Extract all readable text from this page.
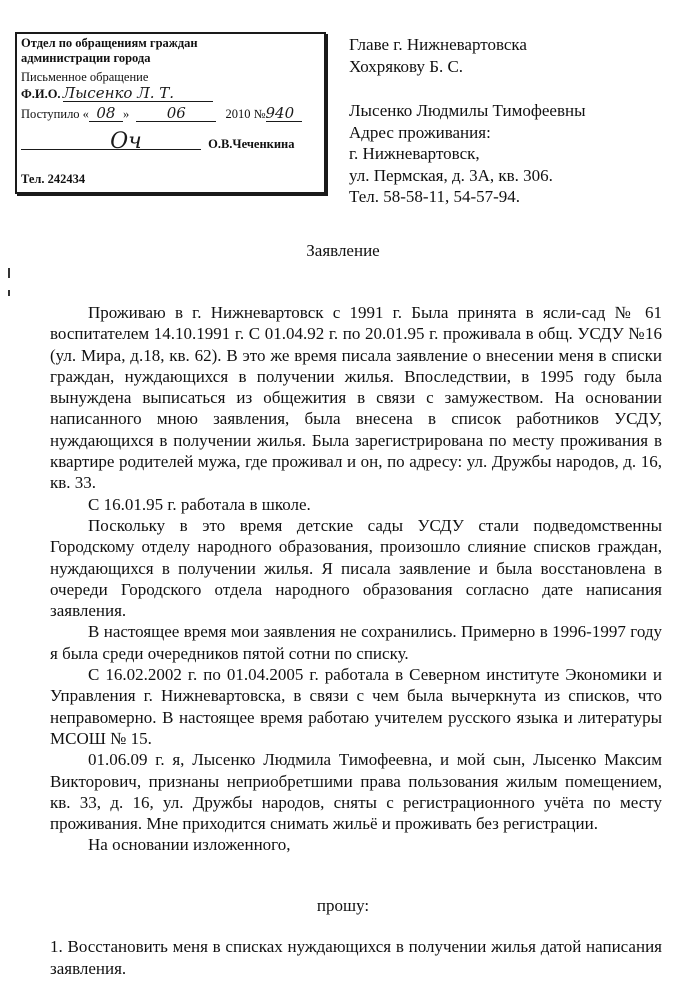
Отдел по обращениям граждан
администрации города
Письменное обращение
Ф.И.О. Лысенко Л. Т.
Поступило « 08 »	06	2010 №940
Оч	О.В.Чеченкина
Тел. 242434
Главе г. Нижневартовска
Хохрякову Б. С.
Лысенко Людмилы Тимофеевны
Адрес проживания:
г. Нижневартовск,
ул. Пермская, д. 3А, кв. 306.
Тел. 58-58-11, 54-57-94.
Заявление

Проживаю в г. Нижневартовск с 1991 г. Была принята в ясли-сад № 61 воспитателем 14.10.1991 г. С 01.04.92 г. по 20.01.95 г. проживала в общ. УСДУ №16 (ул. Мира, д.18, кв. 62). В это же время писала заявление о внесении меня в списки граждан, нуждающихся в получении жилья. Впоследствии, в 1995 году была вынуждена выписаться из общежития в связи с замужеством. На основании написанного мною заявления, была внесена в список работников УСДУ, нуждающихся в получении жилья. Была зарегистрирована по месту проживания в квартире родителей мужа, где проживал и он, по адресу: ул. Дружбы народов, д. 16, кв. 33.

С 16.01.95 г. работала в школе.

Поскольку в это время детские сады УСДУ стали подведомственны Городскому отделу народного образования, произошло слияние списков граждан, нуждающихся в получении жилья. Я писала заявление и была восстановлена в очереди Городского отдела народного образования согласно дате написания заявления.

В настоящее время мои заявления не сохранились. Примерно в 1996-1997 году я была среди очередников пятой сотни по списку.

С 16.02.2002 г. по 01.04.2005 г. работала в Северном институте Экономики и Управления г. Нижневартовска, в связи с чем была вычеркнута из списков, что неправомерно. В настоящее время работаю учителем русского языка и литературы МСОШ № 15.

01.06.09 г. я, Лысенко Людмила Тимофеевна, и мой сын, Лысенко Максим Викторович, признаны неприобретшими права пользования жилым помещением, кв. 33, д. 16, ул. Дружбы народов, сняты с регистрационного учёта по месту проживания. Мне приходится снимать жильё и проживать без регистрации.

На основании изложенного,

прошу:
1. Восстановить меня в списках нуждающихся в получении жилья датой написания заявления.
